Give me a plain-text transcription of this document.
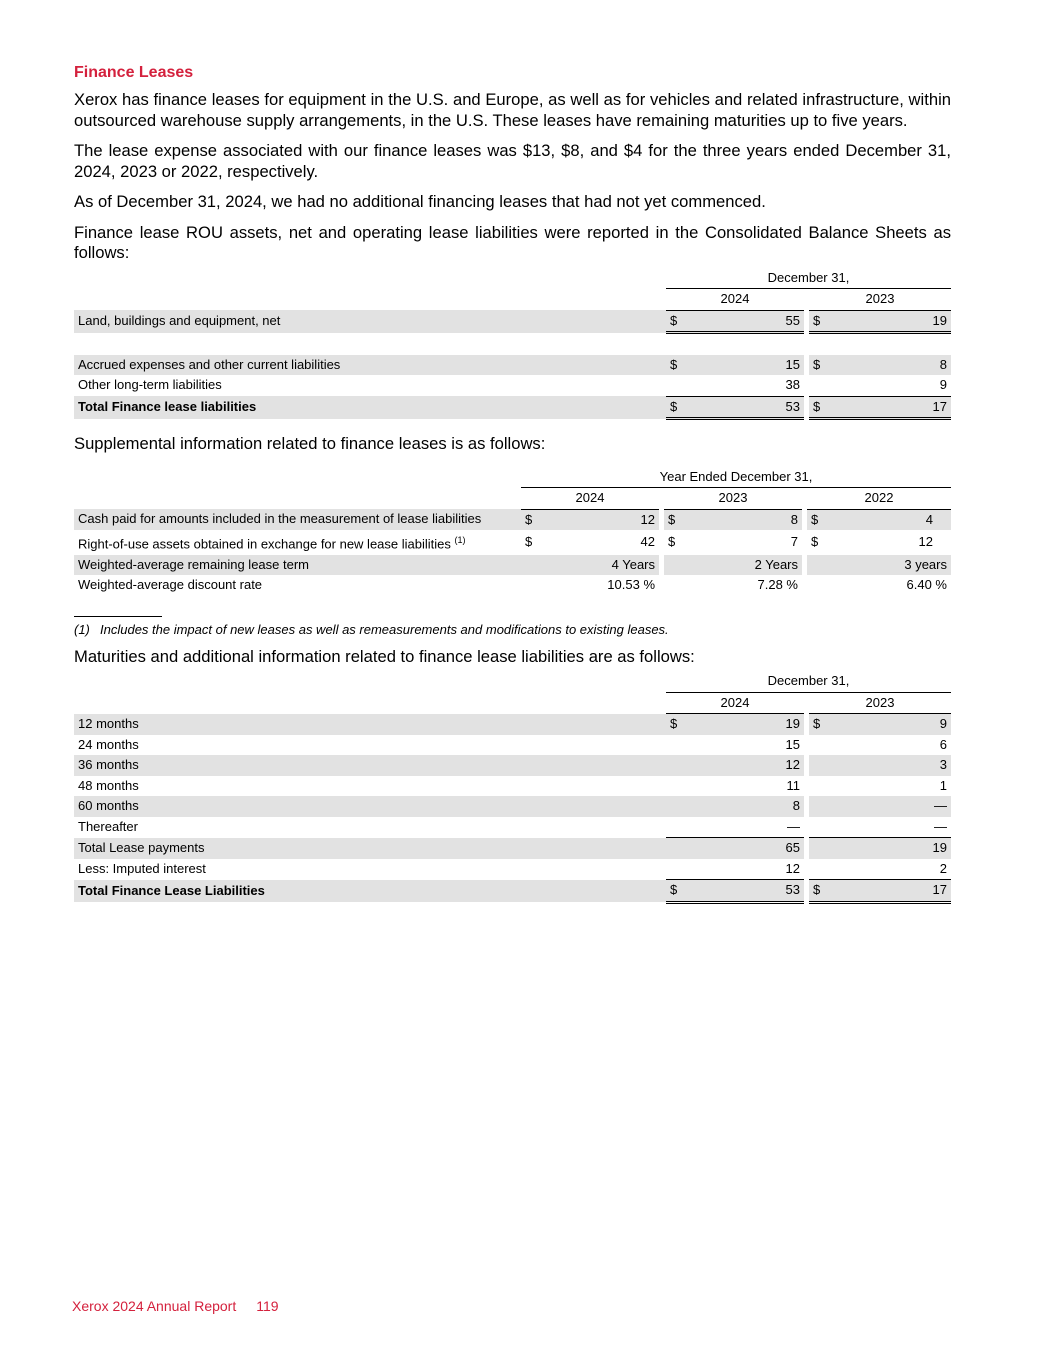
Finance Leases

Xerox has finance leases for equipment in the U.S. and Europe, as well as for vehicles and related infrastructure, within outsourced warehouse supply arrangements, in the U.S. These leases have remaining maturities up to five years.

The lease expense associated with our finance leases was $13, $8, and $4 for the three years ended December 31, 2024, 2023 or 2022, respectively.

As of December 31, 2024, we had no additional financing leases that had not yet commenced.

Finance lease ROU assets, net and operating lease liabilities were reported in the Consolidated Balance Sheets as follows:

	December 31,				
	2024			2023	
Land, buildings and equipment, net	$	55		$	19

Accrued expenses and other current liabilities	$	15		$	8
Other long-term liabilities		38			9
Total Finance lease liabilities	$	53		$	17

Supplemental information related to finance leases is as follows:

	Year Ended December 31,							
	2024			2023			2022	
Cash paid for amounts included in the measurement of lease liabilities	$	12		$	8		$	4
Right-of-use assets obtained in exchange for new lease liabilities $^{(1)}$	$	42		$	7		$	12
Weighted-average remaining lease term		4 Years			2 Years			3 years
Weighted-average discount rate		10.53 %			7.28 %			6.40 %
(1) Includes the impact of new leases as well as remeasurements and modifications to existing leases.

Maturities and additional information related to finance lease liabilities are as follows:

	December 31,				
	2024			2023	
12 months	$	19		$	9
24 months		15			6
36 months		12			3
48 months		11			1
60 months		8			—
Thereafter		—			—
Total Lease payments		65			19
Less: Imputed interest		12			2
Total Finance Lease Liabilities	$	53		$	17
Xerox 2024 Annual Report 119
